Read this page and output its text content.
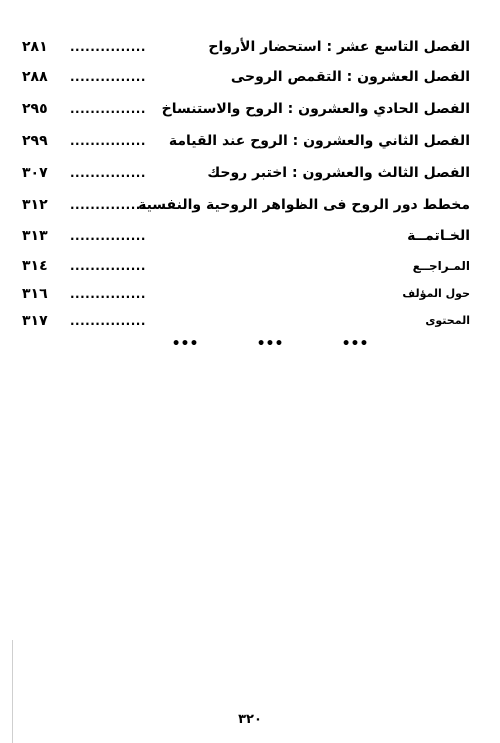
الفصل التاسع عشر : استحضار الأرواح
...............
٢٨١
الفصل العشرون : التقمص الروحى
...............
٢٨٨
الفصل الحادي والعشرون : الروح والاستنساخ
...............
٢٩٥
الفصل الثاني والعشرون : الروح عند القيامة
...............
٢٩٩
الفصل الثالث والعشرون : اختبر روحك
...............
٣٠٧
مخطط دور الروح فى الظواهر الروحية والنفسية
...............
٣١٢
الخـاتمــة
...............
٣١٣
المـراجــع
...............
٣١٤
حول المؤلف
...............
٣١٦
المحتوى
...............
٣١٧
•••	•••	•••
٣٢٠
